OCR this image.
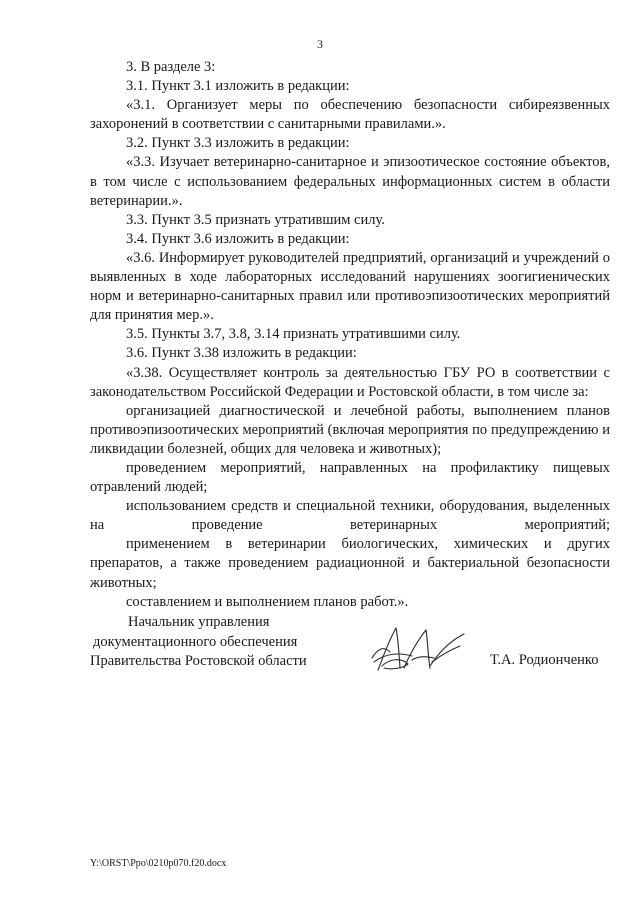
3

3. В разделе 3:

3.1. Пункт 3.1 изложить в редакции:

«3.1. Организует меры по обеспечению безопасности сибиреязвенных захоронений в соответствии с санитарными правилами.».

3.2. Пункт 3.3 изложить в редакции:

«3.3. Изучает ветеринарно-санитарное и эпизоотическое состояние объектов, в том числе с использованием федеральных информационных систем в области ветеринарии.».

3.3. Пункт 3.5 признать утратившим силу.

3.4. Пункт 3.6 изложить в редакции:

«3.6. Информирует руководителей предприятий, организаций и учреждений о выявленных в ходе лабораторных исследований нарушениях зоогигиенических норм и ветеринарно-санитарных правил или противоэпизоотических мероприятий для принятия мер.».

3.5. Пункты 3.7, 3.8, 3.14 признать утратившими силу.

3.6. Пункт 3.38 изложить в редакции:

«3.38. Осуществляет контроль за деятельностью ГБУ РО в соответствии с законодательством Российской Федерации и Ростовской области, в том числе за:

организацией диагностической и лечебной работы, выполнением планов противоэпизоотических мероприятий (включая мероприятия по предупреждению и ликвидации болезней, общих для человека и животных);

проведением мероприятий, направленных на профилактику пищевых отравлений людей;

использованием средств и специальной техники, оборудования, выделенных на проведение ветеринарных мероприятий;

применением в ветеринарии биологических, химических и других препаратов, а также проведением радиационной и бактериальной безопасности животных;

составлением и выполнением планов работ.».

Начальник управления
документационного обеспечения
Правительства Ростовской области	Т.А. Родионченко
Y:\ORST\Ppo\0210p070.f20.docx
